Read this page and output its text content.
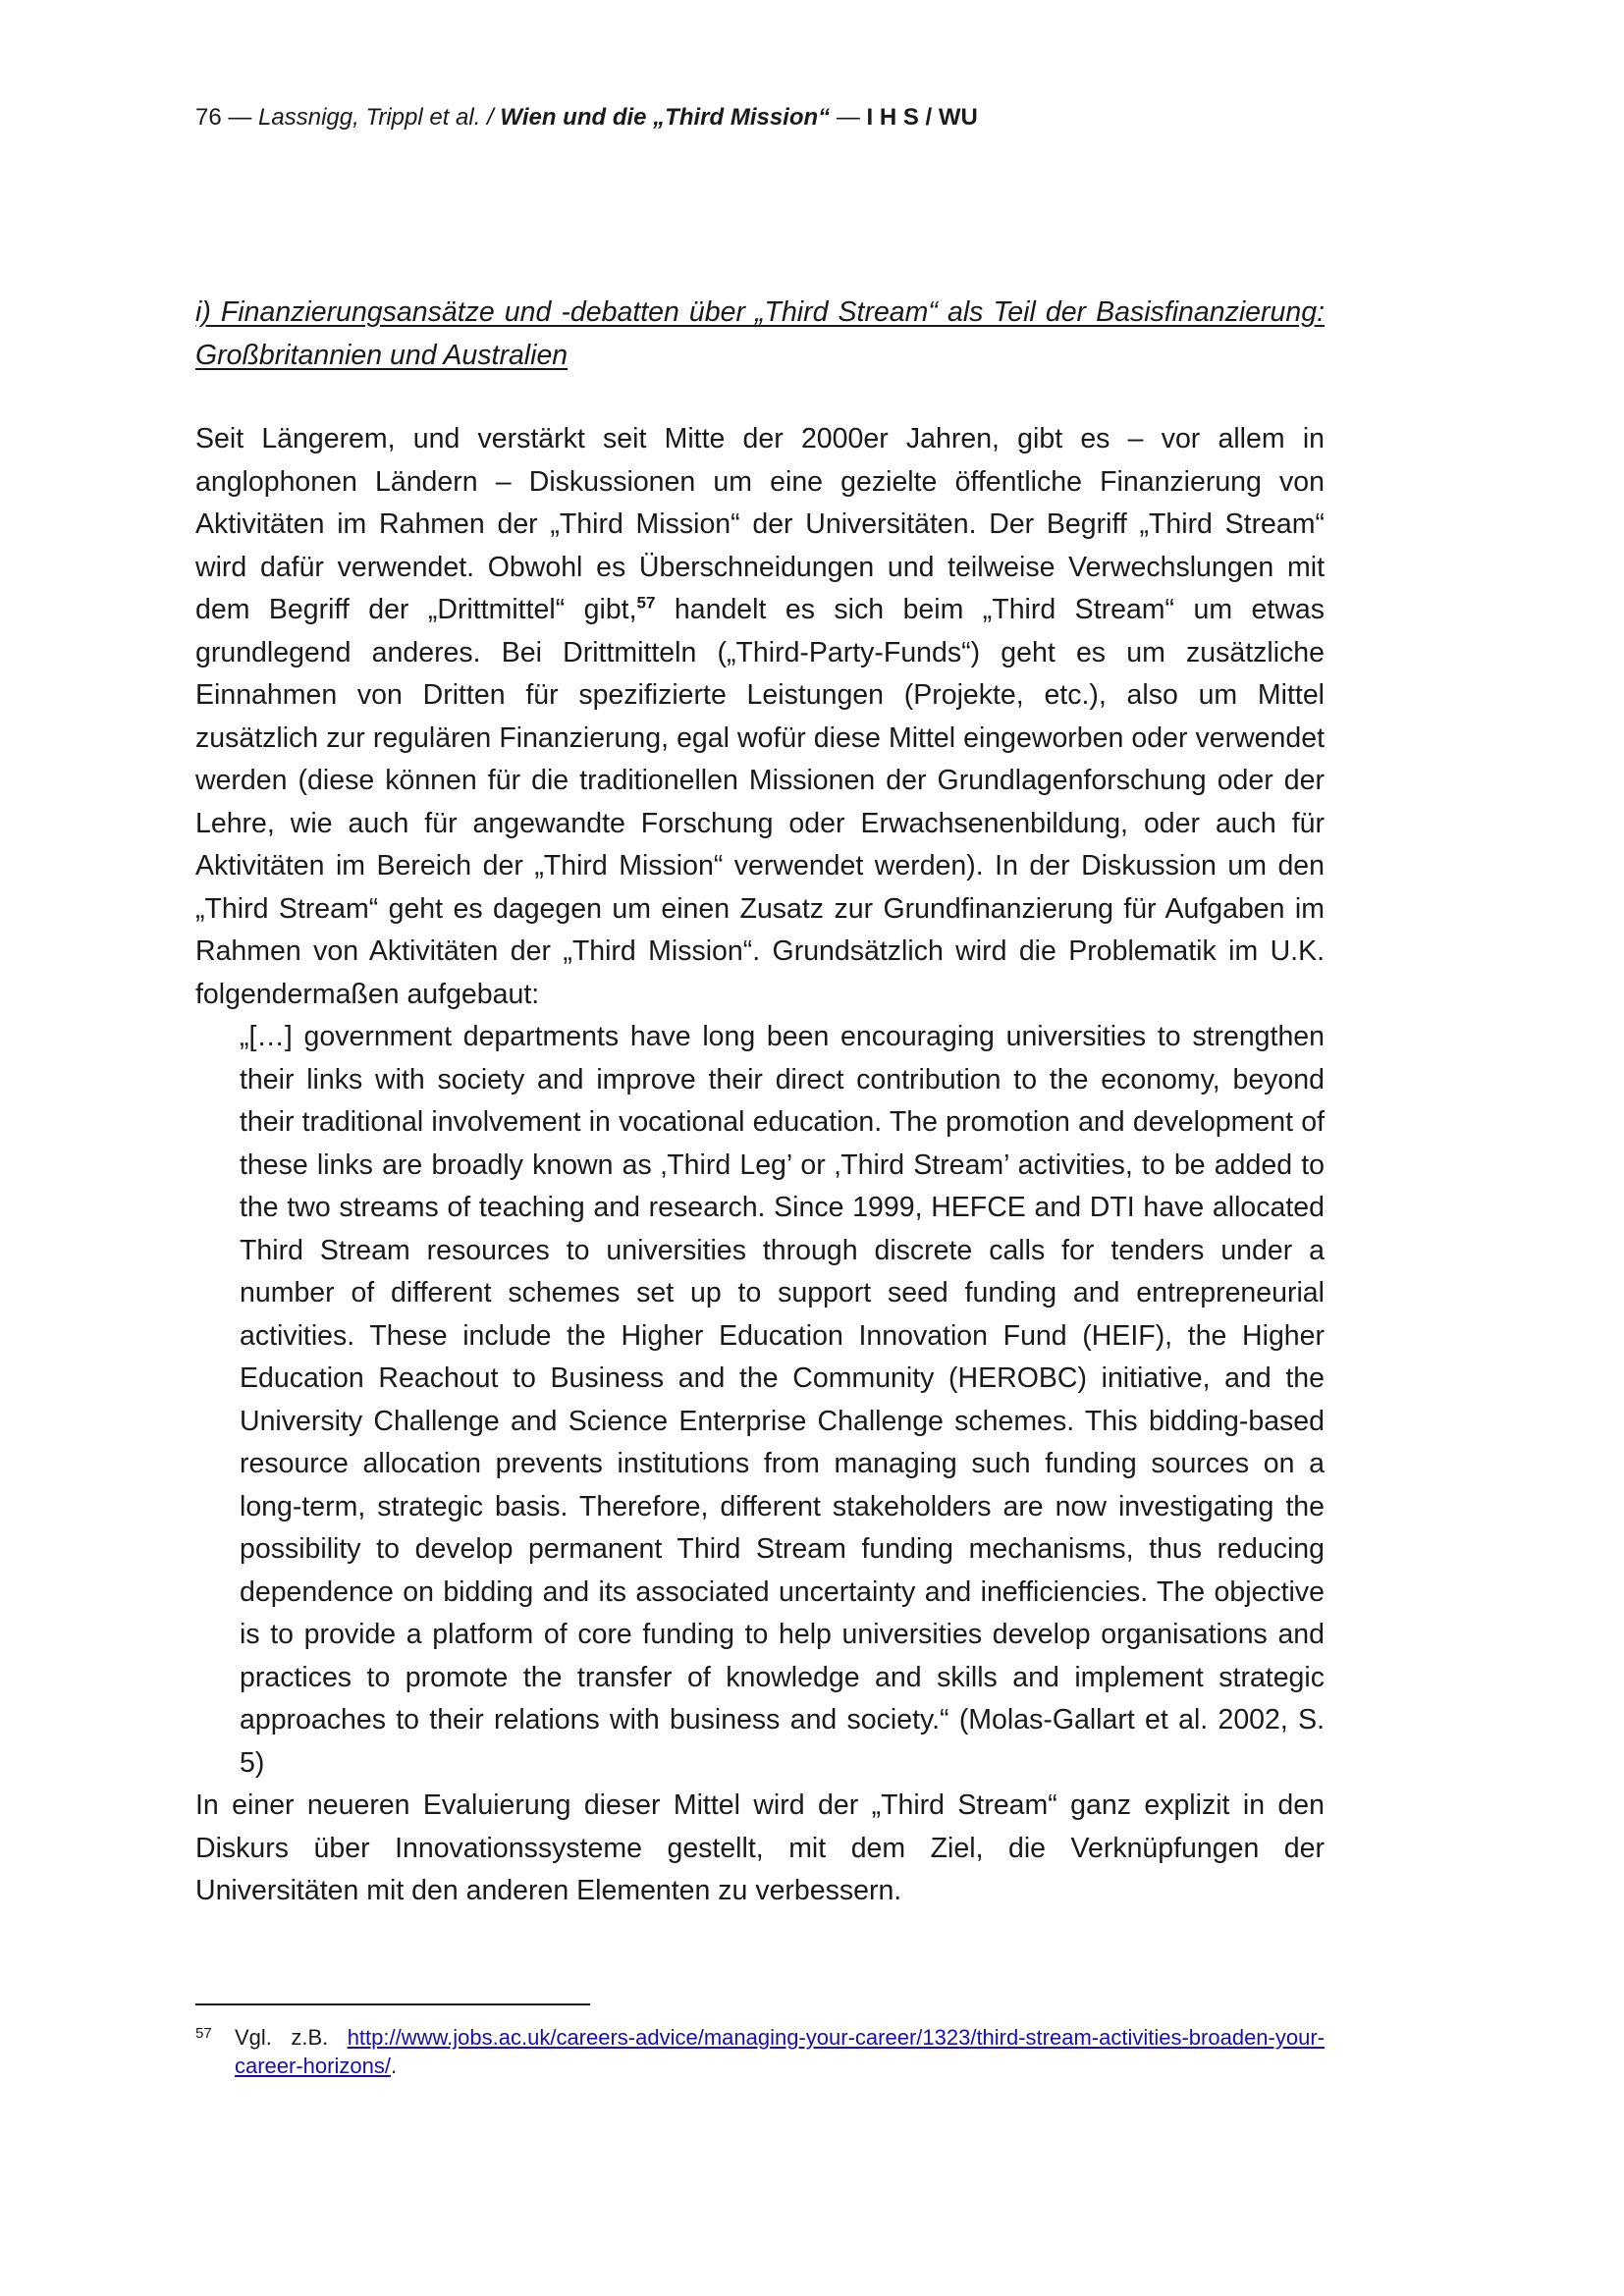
76 — Lassnigg, Trippl et al. / Wien und die „Third Mission“ — I H S / WU
i) Finanzierungsansätze und -debatten über „Third Stream“ als Teil der Basisfinanzierung: Großbritannien und Australien
Seit Längerem, und verstärkt seit Mitte der 2000er Jahren, gibt es – vor allem in anglophonen Ländern – Diskussionen um eine gezielte öffentliche Finanzierung von Aktivitäten im Rahmen der „Third Mission“ der Universitäten. Der Begriff „Third Stream“ wird dafür verwendet. Obwohl es Überschneidungen und teilweise Verwechslungen mit dem Begriff der „Drittmittel“ gibt,$^{57}$ handelt es sich beim „Third Stream“ um etwas grundlegend anderes. Bei Drittmitteln („Third-Party-Funds“) geht es um zusätzliche Einnahmen von Dritten für spezifizierte Leistungen (Projekte, etc.), also um Mittel zusätzlich zur regulären Finanzierung, egal wofür diese Mittel eingeworben oder verwendet werden (diese können für die traditionellen Missionen der Grundlagenforschung oder der Lehre, wie auch für angewandte Forschung oder Erwachsenenbildung, oder auch für Aktivitäten im Bereich der „Third Mission“ verwendet werden). In der Diskussion um den „Third Stream“ geht es dagegen um einen Zusatz zur Grundfinanzierung für Aufgaben im Rahmen von Aktivitäten der „Third Mission“. Grundsätzlich wird die Problematik im U.K. folgendermaßen aufgebaut:
„[…] government departments have long been encouraging universities to strengthen their links with society and improve their direct contribution to the economy, beyond their traditional involvement in vocational education. The promotion and development of these links are broadly known as ‚Third Leg’ or ‚Third Stream’ activities, to be added to the two streams of teaching and research. Since 1999, HEFCE and DTI have allocated Third Stream resources to universities through discrete calls for tenders under a number of different schemes set up to support seed funding and entrepreneurial activities. These include the Higher Education Innovation Fund (HEIF), the Higher Education Reachout to Business and the Community (HEROBC) initiative, and the University Challenge and Science Enterprise Challenge schemes. This bidding-based resource allocation prevents institutions from managing such funding sources on a long-term, strategic basis. Therefore, different stakeholders are now investigating the possibility to develop permanent Third Stream funding mechanisms, thus reducing dependence on bidding and its associated uncertainty and inefficiencies. The objective is to provide a platform of core funding to help universities develop organisations and practices to promote the transfer of knowledge and skills and implement strategic approaches to their relations with business and society.“ (Molas-Gallart et al. 2002, S. 5)
In einer neueren Evaluierung dieser Mittel wird der „Third Stream“ ganz explizit in den Diskurs über Innovationssysteme gestellt, mit dem Ziel, die Verknüpfungen der Universitäten mit den anderen Elementen zu verbessern.
57 Vgl. z.B. http://www.jobs.ac.uk/careers-advice/managing-your-career/1323/third-stream-activities-broaden-your-career-horizons/.
